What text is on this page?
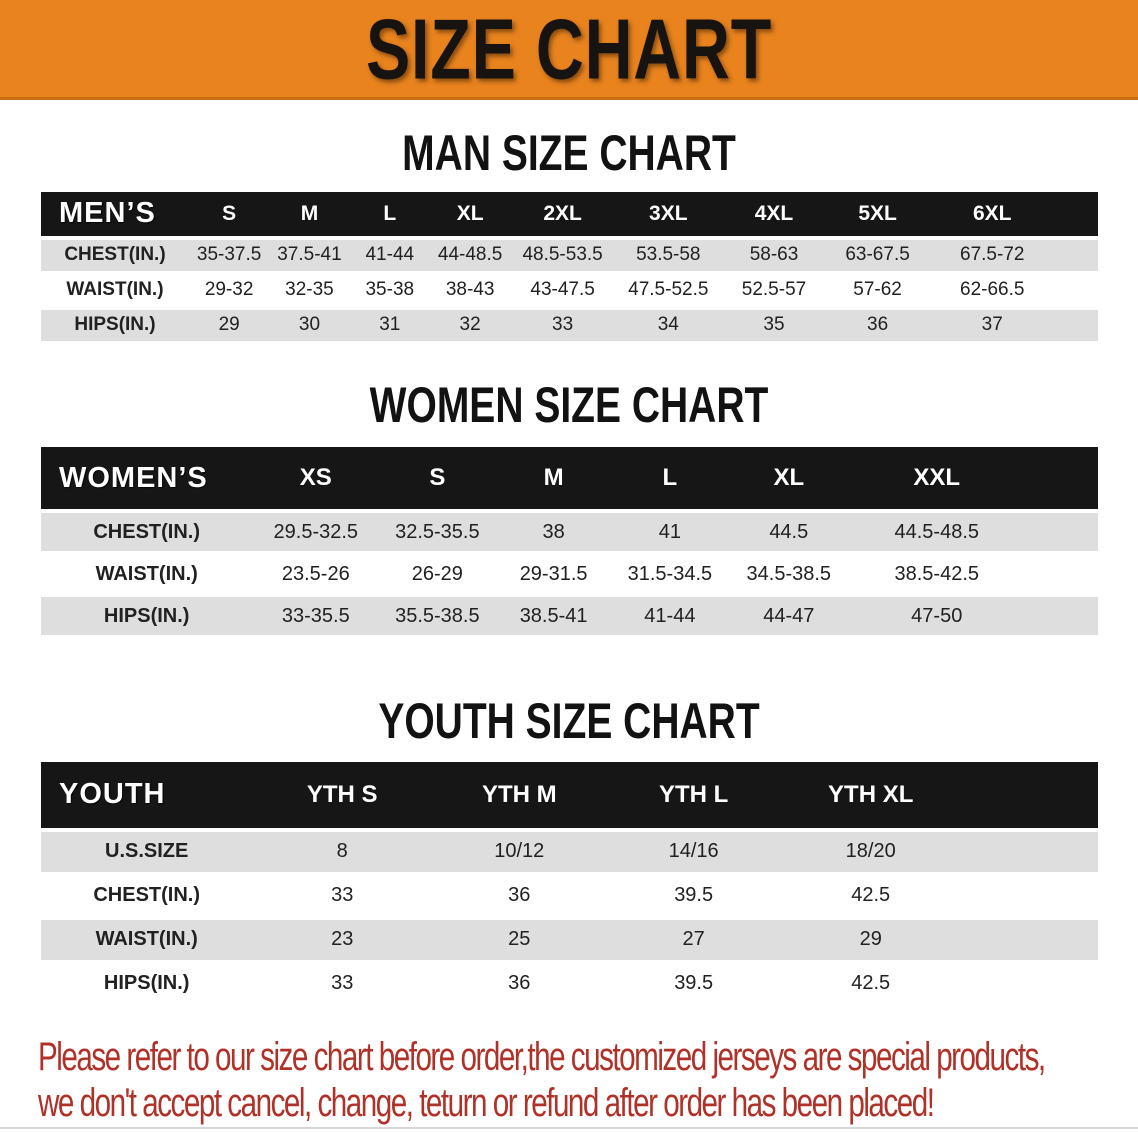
SIZE CHART
MAN SIZE CHART
MEN’S	S	M	L	XL	2XL	3XL	4XL	5XL	6XL	
CHEST(IN.)	35-37.5	37.5-41	41-44	44-48.5	48.5-53.5	53.5-58	58-63	63-67.5	67.5-72	
WAIST(IN.)	29-32	32-35	35-38	38-43	43-47.5	47.5-52.5	52.5-57	57-62	62-66.5	
HIPS(IN.)	29	30	31	32	33	34	35	36	37	
WOMEN SIZE CHART
WOMEN’S	XS	S	M	L	XL	XXL	
CHEST(IN.)	29.5-32.5	32.5-35.5	38	41	44.5	44.5-48.5	
WAIST(IN.)	23.5-26	26-29	29-31.5	31.5-34.5	34.5-38.5	38.5-42.5	
HIPS(IN.)	33-35.5	35.5-38.5	38.5-41	41-44	44-47	47-50	
YOUTH SIZE CHART
YOUTH	YTH S	YTH M	YTH L	YTH XL	
U.S.SIZE	8	10/12	14/16	18/20	
CHEST(IN.)	33	36	39.5	42.5	
WAIST(IN.)	23	25	27	29	
HIPS(IN.)	33	36	39.5	42.5	

Please refer to our size chart before order,the customized jerseys are special products,
we don't accept cancel, change, teturn or refund after order has been placed!
